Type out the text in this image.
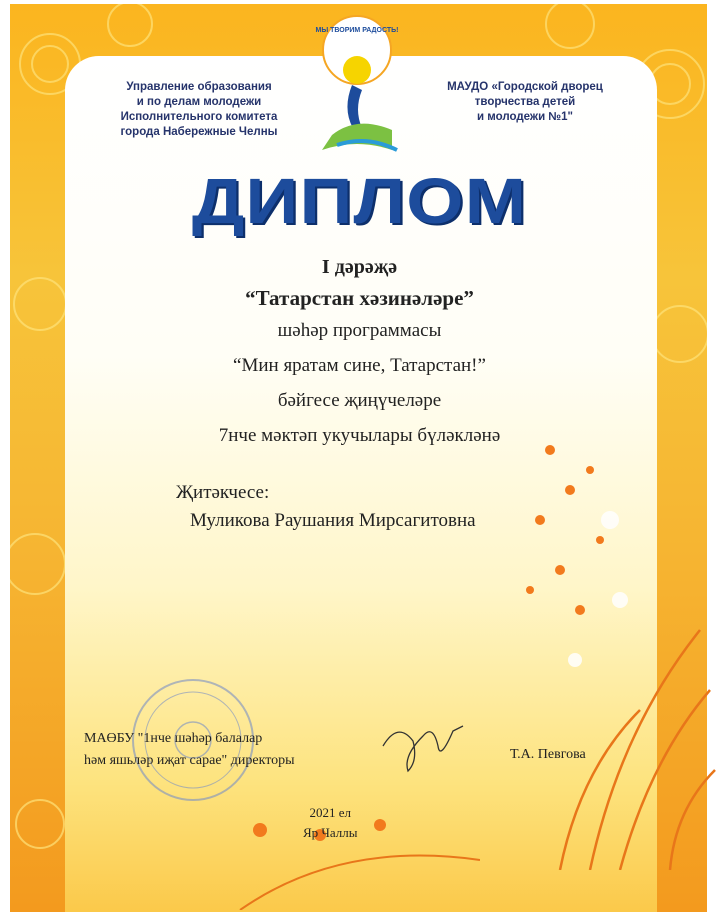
МЫ ТВОРИМ РАДОСТЬ!
Управление образования
и по делам молодежи
Исполнительного комитета
города Набережные Челны
МАУДО «Городской дворец
творчества детей
и молодежи №1"
ДИПЛОМ
I дәрәҗә
“Татарстан хәзинәләре”
шәһәр программасы
“Мин яратам сине, Татарстан!”
бәйгесе җиңүчеләре
7нче мәктәп укучылары бүләкләнә
Җитәкчесе:
Муликова Раушания Мирсагитовна
МАӨБУ "1нче шәһәр балалар
һәм яшьләр иҗат сарае" директоры	Т.А. Певгова
2021 ел
Яр Чаллы
